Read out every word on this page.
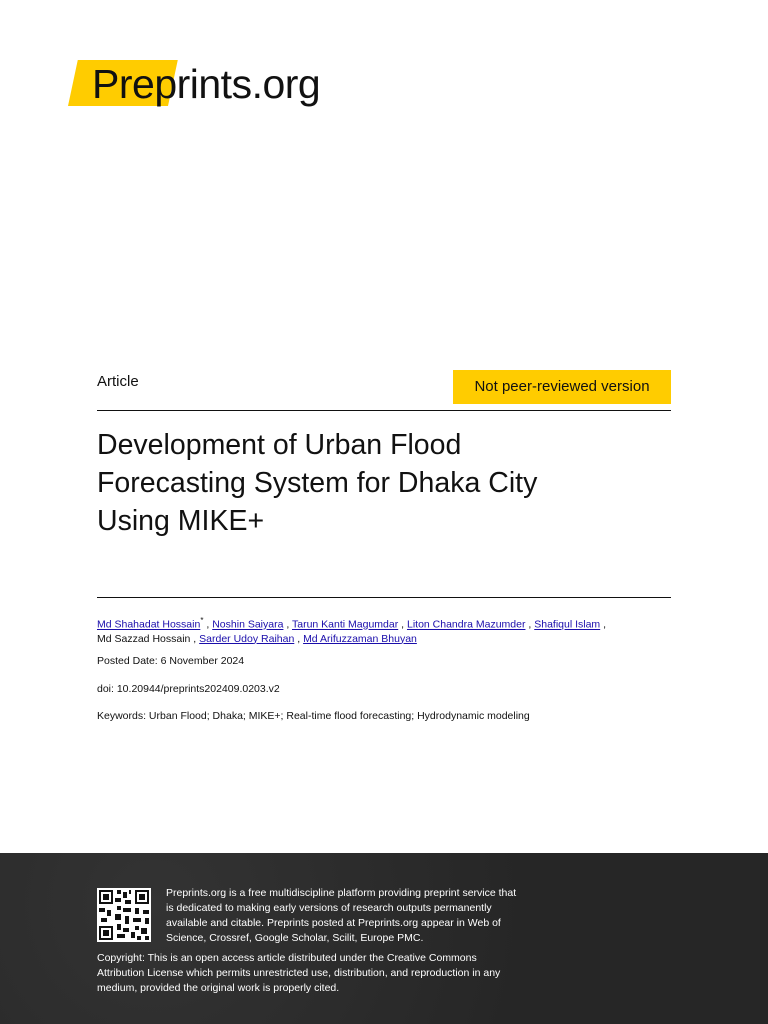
Preprints.org
Article	Not peer-reviewed version
Development of Urban Flood
Forecasting System for Dhaka City
Using MIKE+
Md Shahadat Hossain* , Noshin Saiyara , Tarun Kanti Magumdar , Liton Chandra Mazumder , Shafiqul Islam ,
Md Sazzad Hossain , Sarder Udoy Raihan , Md Arifuzzaman Bhuyan
Posted Date: 6 November 2024
doi: 10.20944/preprints202409.0203.v2
Keywords: Urban Flood; Dhaka; MIKE+; Real-time flood forecasting; Hydrodynamic modeling
Preprints.org is a free multidiscipline platform providing preprint service that
is dedicated to making early versions of research outputs permanently
available and citable. Preprints posted at Preprints.org appear in Web of
Science, Crossref, Google Scholar, Scilit, Europe PMC.
Copyright: This is an open access article distributed under the Creative Commons
Attribution License which permits unrestricted use, distribution, and reproduction in any
medium, provided the original work is properly cited.
